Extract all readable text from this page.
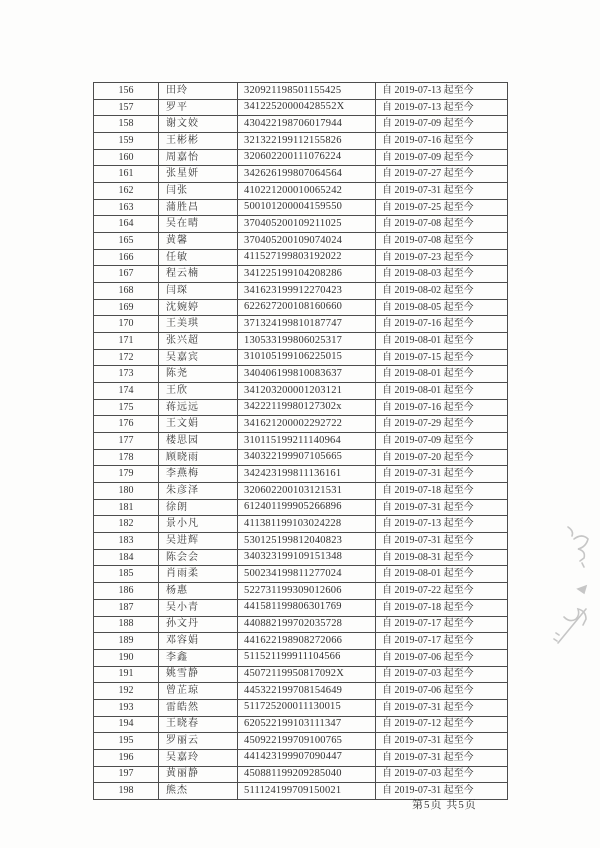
156	田玲	320921198501155425	自 2019-07-13 起至今
157	罗平	34122520000428552X	自 2019-07-13 起至今
158	谢文姣	430422198706017944	自 2019-07-09 起至今
159	王彬彬	321322199112155826	自 2019-07-16 起至今
160	周嘉怡	320602200111076224	自 2019-07-09 起至今
161	张星妍	342626199807064564	自 2019-07-27 起至今
162	闫张	410221200010065242	自 2019-07-31 起至今
163	蒲胜昌	500101200004159550	自 2019-07-25 起至今
164	吴在晴	370405200109211025	自 2019-07-08 起至今
165	黄馨	370405200109074024	自 2019-07-08 起至今
166	任敏	411527199803192022	自 2019-07-23 起至今
167	程云楠	341225199104208286	自 2019-08-03 起至今
168	闫琛	341623199912270423	自 2019-08-02 起至今
169	沈婉婷	622627200108160660	自 2019-08-05 起至今
170	王美琪	371324199810187747	自 2019-07-16 起至今
171	张兴超	130533199806025317	自 2019-08-01 起至今
172	吴嘉宾	310105199106225015	自 2019-07-15 起至今
173	陈尧	340406199810083637	自 2019-08-01 起至今
174	王欣	341203200001203121	自 2019-08-01 起至今
175	蒋远远	34222119980127302x	自 2019-07-16 起至今
176	王文娟	341621200002292722	自 2019-07-29 起至今
177	楼思园	310115199211140964	自 2019-07-09 起至今
178	顾晓雨	340322199907105665	自 2019-07-20 起至今
179	李燕梅	342423199811136161	自 2019-07-31 起至今
180	朱彦泽	320602200103121531	自 2019-07-18 起至今
181	徐朗	612401199905266896	自 2019-07-31 起至今
182	景小凡	411381199103024228	自 2019-07-13 起至今
183	吴进辉	530125199812040823	自 2019-07-31 起至今
184	陈会会	340323199109151348	自 2019-08-31 起至今
185	肖雨柔	500234199811277024	自 2019-08-01 起至今
186	杨惠	522731199309012606	自 2019-07-22 起至今
187	吴小青	441581199806301769	自 2019-07-18 起至今
188	孙文丹	440882199702035728	自 2019-07-17 起至今
189	邓容娟	441622198908272066	自 2019-07-17 起至今
190	李鑫	511521199911104566	自 2019-07-06 起至今
191	姚雪静	45072119950817092X	自 2019-07-03 起至今
192	曾芷琼	445322199708154649	自 2019-07-06 起至今
193	雷皓然	511725200011130015	自 2019-07-31 起至今
194	王晓春	620522199103111347	自 2019-07-12 起至今
195	罗丽云	450922199709100765	自 2019-07-31 起至今
196	吴嘉玲	441423199907090447	自 2019-07-31 起至今
197	黄丽静	450881199209285040	自 2019-07-03 起至今
198	熊杰	511124199709150021	自 2019-07-31 起至今
第5页 共5页
